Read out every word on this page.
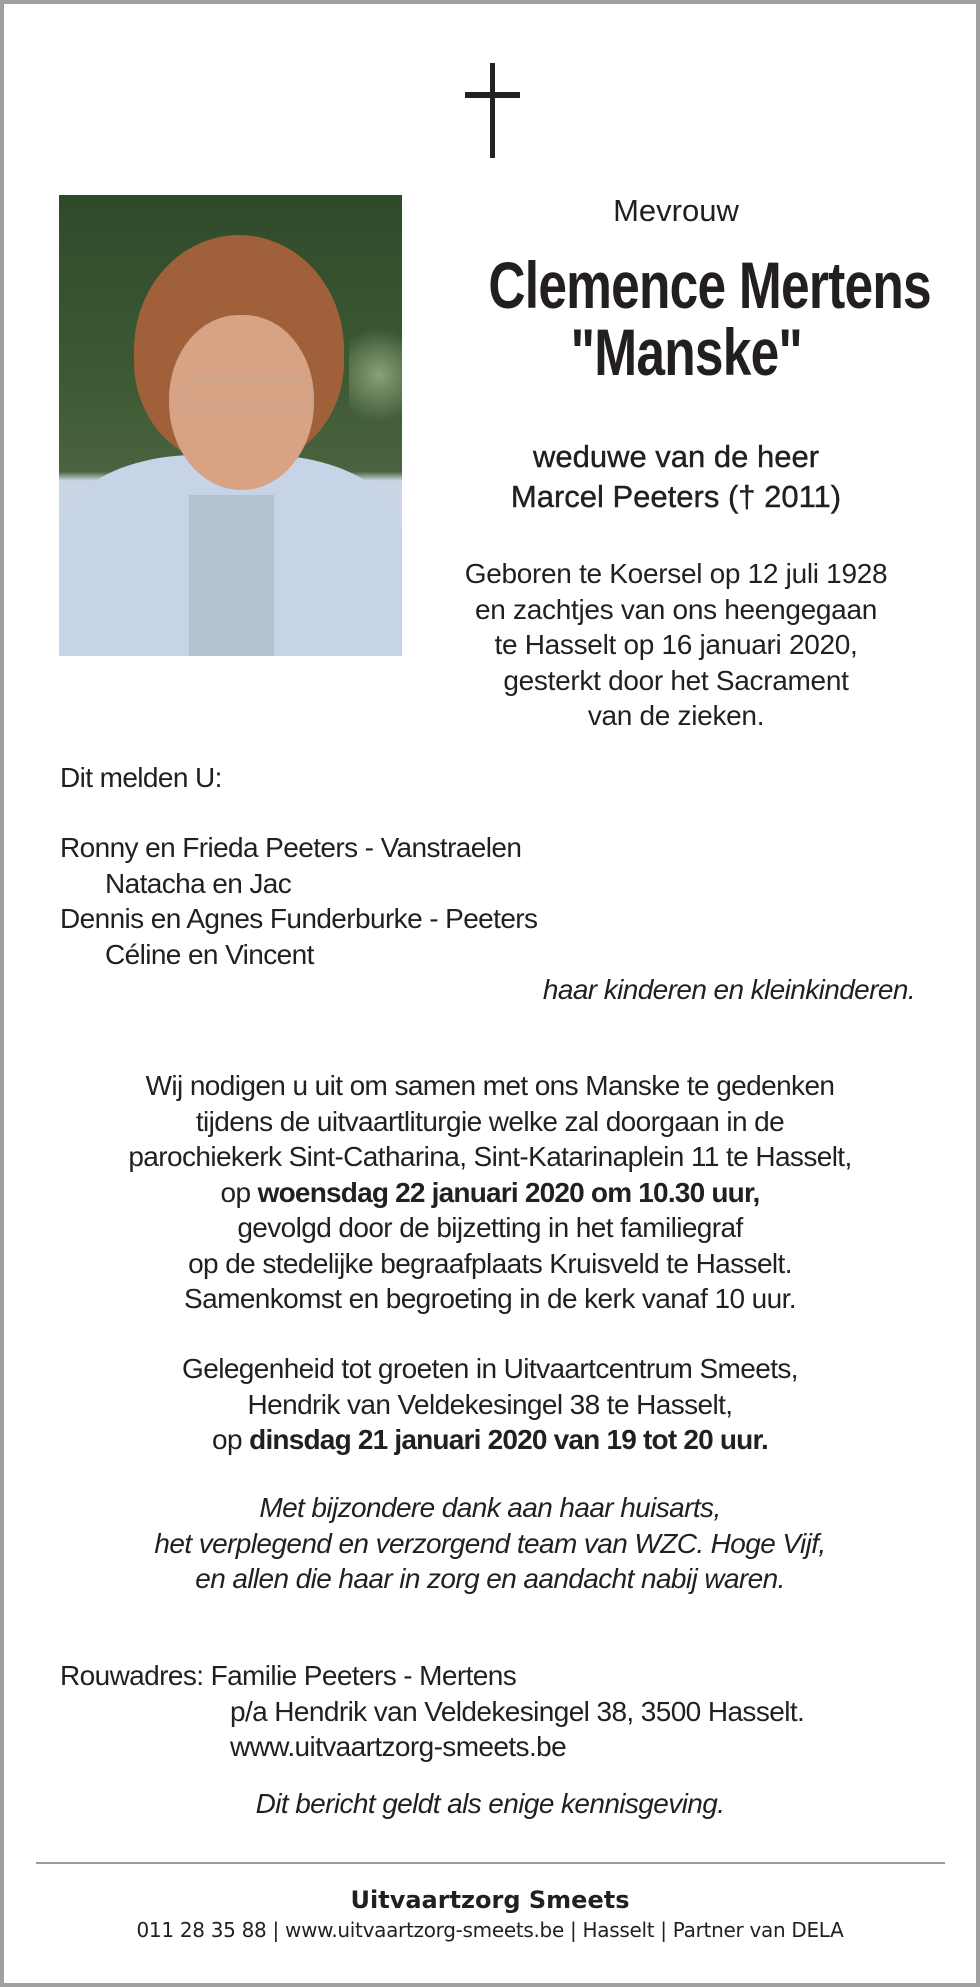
Mevrouw
Clemence Mertens
"Manske"
weduwe van de heer
Marcel Peeters († 2011)
Geboren te Koersel op 12 juli 1928
en zachtjes van ons heengegaan
te Hasselt op 16 januari 2020,
gesterkt door het Sacrament
van de zieken.
Dit melden U:
Ronny en Frieda Peeters - Vanstraelen
Natacha en Jac
Dennis en Agnes Funderburke - Peeters
Céline en Vincent
haar kinderen en kleinkinderen.
Wij nodigen u uit om samen met ons Manske te gedenken
tijdens de uitvaartliturgie welke zal doorgaan in de
parochiekerk Sint-Catharina, Sint-Katarinaplein 11 te Hasselt,
op woensdag 22 januari 2020 om 10.30 uur,
gevolgd door de bijzetting in het familiegraf
op de stedelijke begraafplaats Kruisveld te Hasselt.
Samenkomst en begroeting in de kerk vanaf 10 uur.
Gelegenheid tot groeten in Uitvaartcentrum Smeets,
Hendrik van Veldekesingel 38 te Hasselt,
op dinsdag 21 januari 2020 van 19 tot 20 uur.
Met bijzondere dank aan haar huisarts,
het verplegend en verzorgend team van WZC. Hoge Vijf,
en allen die haar in zorg en aandacht nabij waren.
Rouwadres: Familie Peeters - Mertens
p/a Hendrik van Veldekesingel 38, 3500 Hasselt.
www.uitvaartzorg-smeets.be
Dit bericht geldt als enige kennisgeving.
Uitvaartzorg Smeets
011 28 35 88 | www.uitvaartzorg-smeets.be | Hasselt | Partner van DELA
